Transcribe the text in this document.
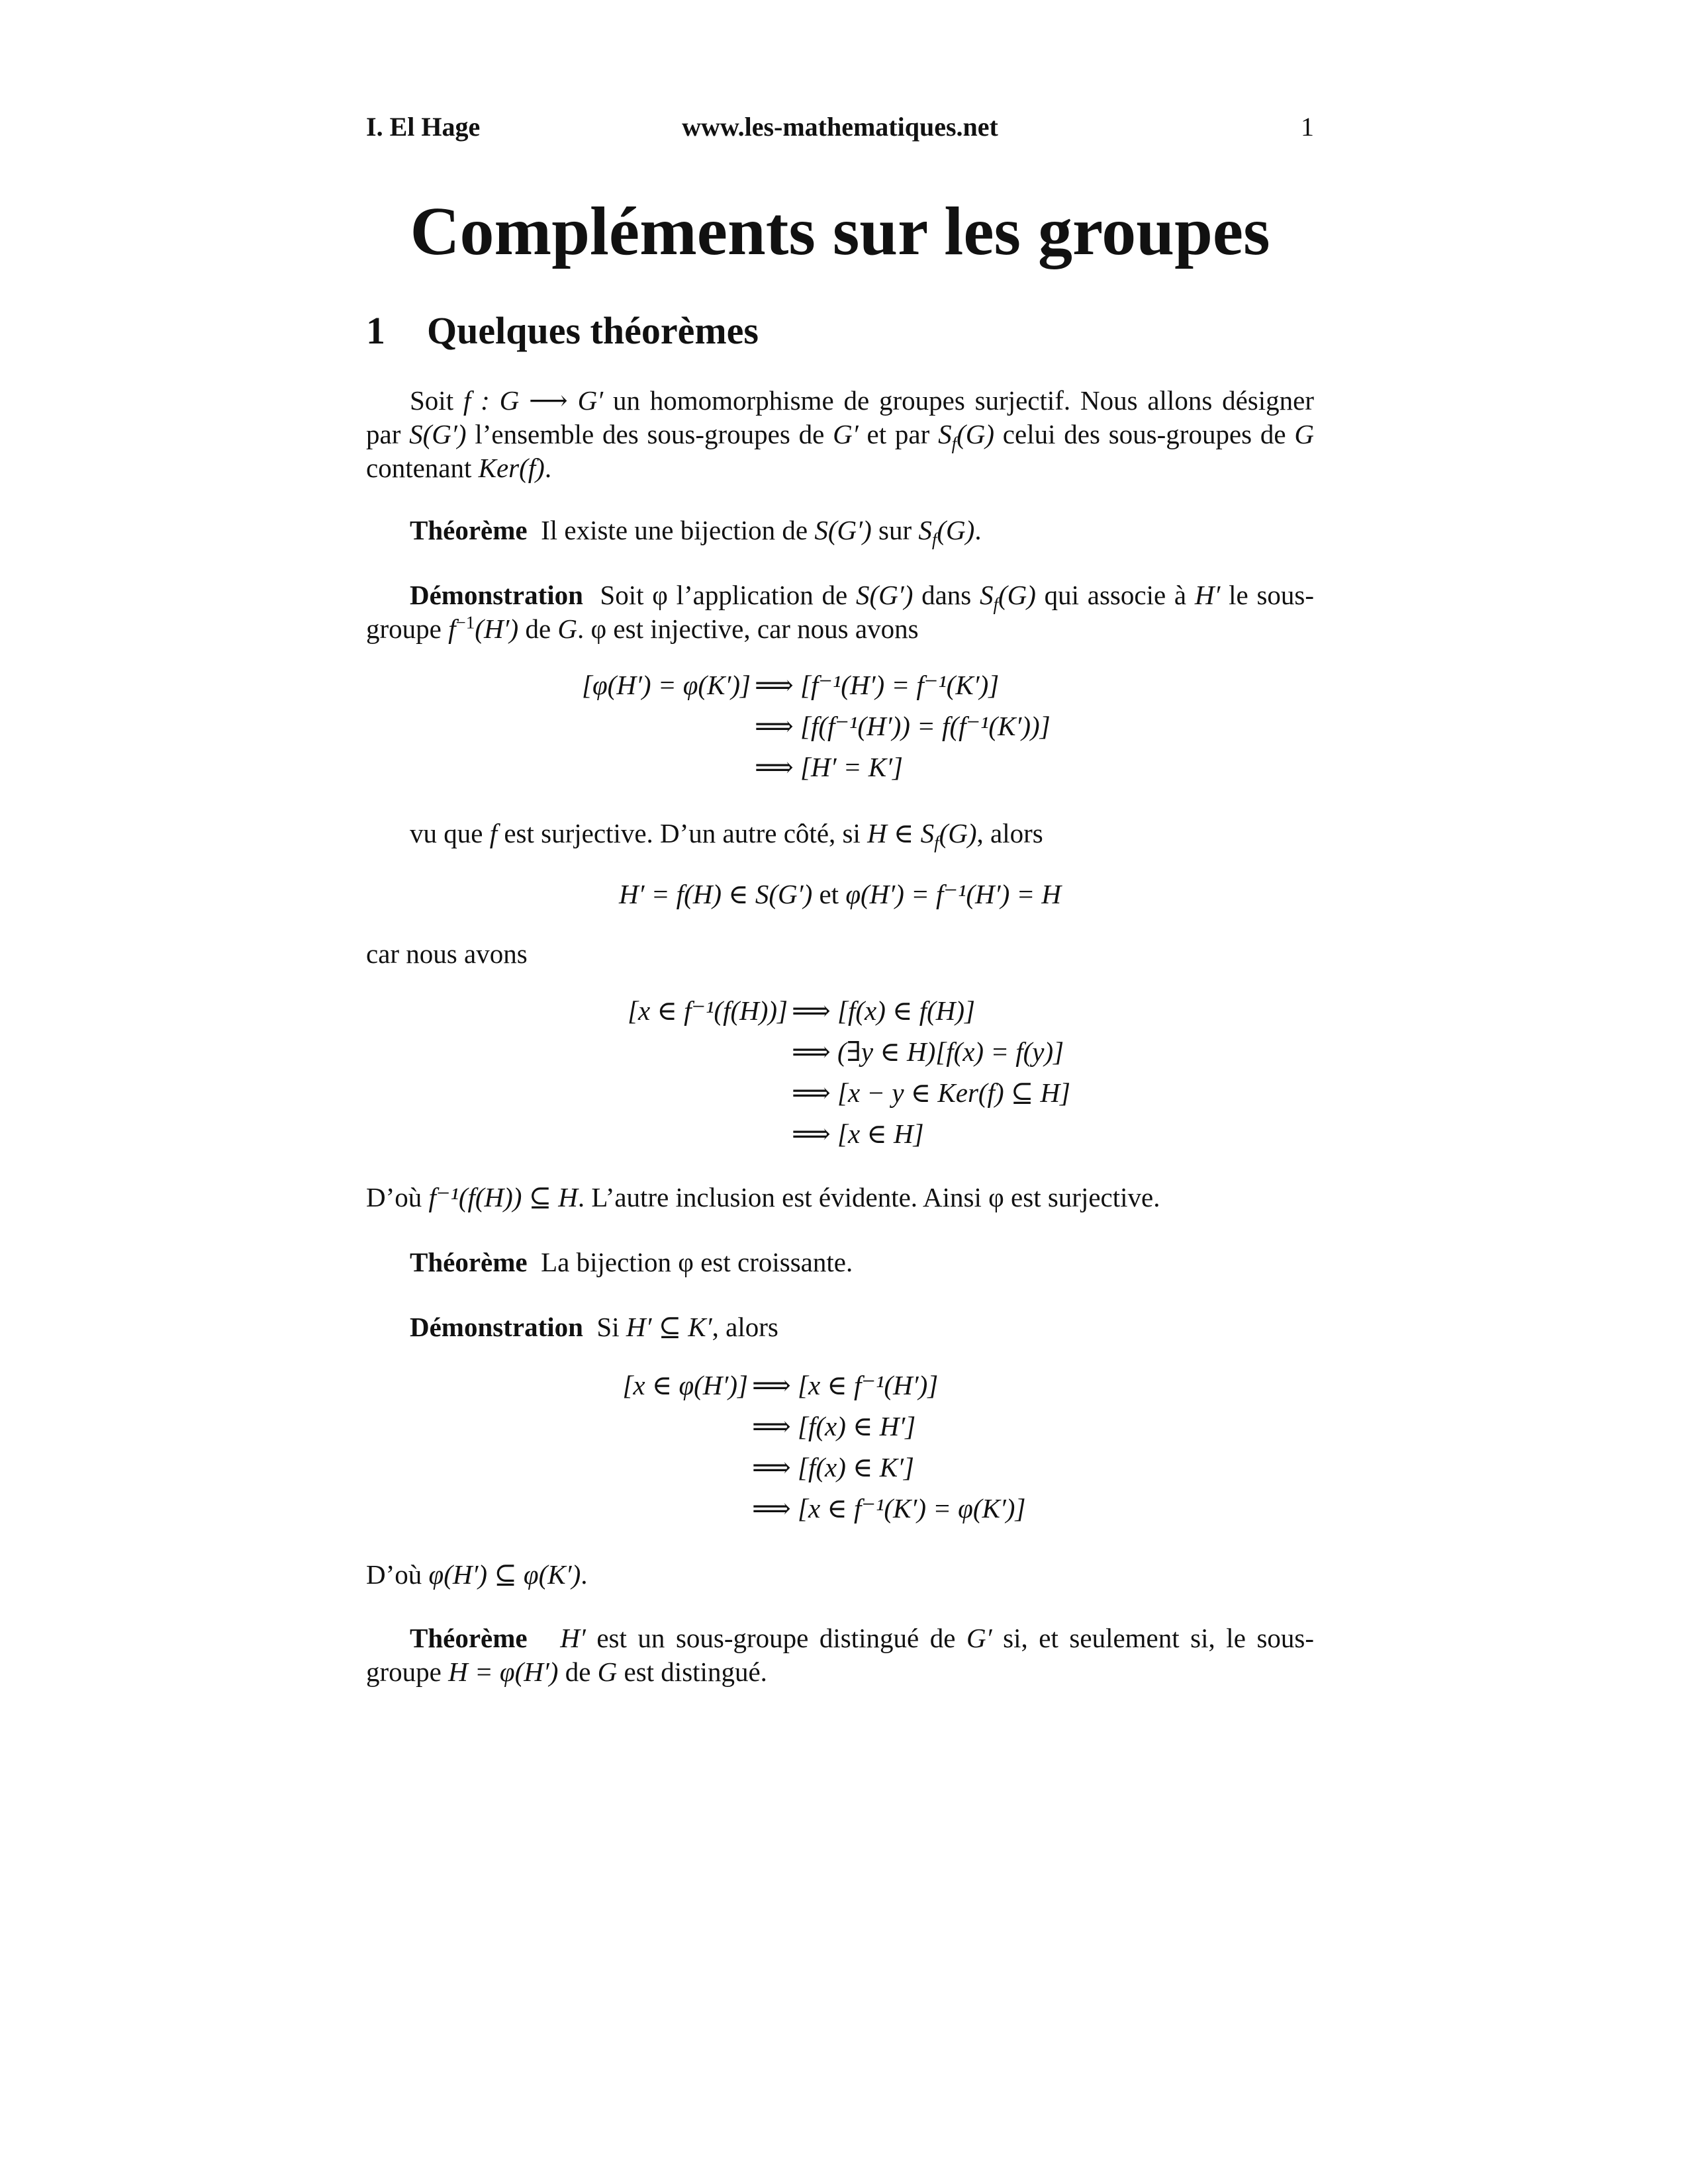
I. El Hage	www.les-mathematiques.net	1
Compléments sur les groupes
1 Quelques théorèmes
Soit f : G ⟶ G′ un homomorphisme de groupes surjectif. Nous allons désigner par S(G′) l’ensemble des sous-groupes de G′ et par $S_f(G)$ celui des sous-groupes de G contenant Ker(f).
Théorème Il existe une bijection de S(G′) sur $S_f(G)$.
Démonstration Soit φ l’application de S(G′) dans $S_f(G)$ qui associe à H′ le sous-groupe $f^{-1}(H')$ de G. φ est injective, car nous avons
[φ(H′) = φ(K′)] ⟹ [f⁻¹(H′) = f⁻¹(K′)]
⟹ [f(f⁻¹(H′)) = f(f⁻¹(K′))]
⟹ [H′ = K′]
vu que f est surjective. D’un autre côté, si H ∈ $S_f(G)$, alors
H′ = f(H) ∈ S(G′) et φ(H′) = f⁻¹(H′) = H
car nous avons
[x ∈ f⁻¹(f(H))] ⟹ [f(x) ∈ f(H)]
⟹ (∃y ∈ H)[f(x) = f(y)]
⟹ [x − y ∈ Ker(f) ⊆ H]
⟹ [x ∈ H]
D’où f⁻¹(f(H)) ⊆ H. L’autre inclusion est évidente. Ainsi φ est surjective.
Théorème La bijection φ est croissante.
Démonstration Si H′ ⊆ K′, alors
[x ∈ φ(H′)] ⟹ [x ∈ f⁻¹(H′)]
⟹ [f(x) ∈ H′]
⟹ [f(x) ∈ K′]
⟹ [x ∈ f⁻¹(K′) = φ(K′)]
D’où φ(H′) ⊆ φ(K′).
Théorème H′ est un sous-groupe distingué de G′ si, et seulement si, le sous-groupe H = φ(H′) de G est distingué.
